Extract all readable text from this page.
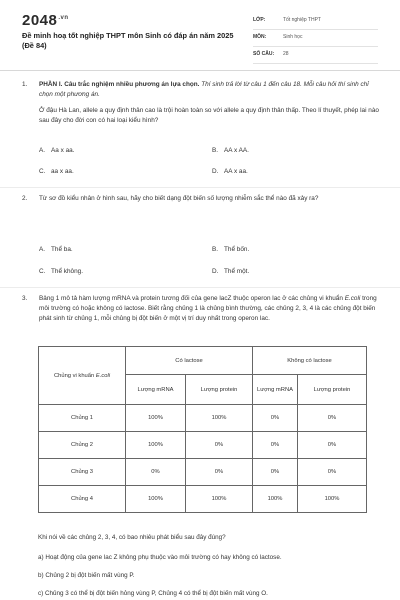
$2048^{.vn}$
Đề minh hoạ tốt nghiệp THPT môn Sinh có đáp án năm 2025 (Đề 84)
LỚP:	Tốt nghiệp THPT
MÔN:	Sinh học
SỐ CÂU: 28
1.	PHẦN I. Câu trắc nghiệm nhiều phương án lựa chọn. Thí sinh trả lời từ câu 1 đến câu 18. Mỗi câu hỏi thí sinh chỉ chọn một phương án.
Ở đậu Hà Lan, allele a quy định thân cao là trội hoàn toàn so với allele a quy định thân thấp. Theo lí thuyết, phép lai nào sau đây cho đời con có hai loại kiểu hình?
A. Aa x aa.	B. AA x AA.
C. aa x aa.	D. AA x aa.
2.	Từ sơ đồ kiểu nhân ở hình sau, hãy cho biết dạng đột biến số lượng nhiễm sắc thể nào đã xảy ra?
A. Thể ba.	B. Thể bốn.
C. Thể không.	D. Thể một.
3.	Bảng 1 mô tả hàm lượng mRNA và protein tương đối của gene lacZ thuộc operon lac ở các chủng vi khuẩn E.coli trong môi trường có hoặc không có lactose. Biết rằng chủng 1 là chủng bình thường, các chủng 2, 3, 4 là các chủng đột biến phát sinh từ chủng 1, mỗi chủng bị đột biến ở một vị trí duy nhất trong operon lac.
Chủng vi khuẩn E.coli	Có lactose		Không có lactose	
	Lượng mRNA	Lượng protein	Lượng mRNA	Lượng protein
Chủng 1	100%	100%	0%	0%
Chủng 2	100%	0%	0%	0%
Chủng 3	0%	0%	0%	0%
Chủng 4	100%	100%	100%	100%
Khi nói về các chủng 2, 3, 4, có bao nhiêu phát biểu sau đây đúng?
a) Hoạt động của gene lac Z không phụ thuộc vào môi trường có hay không có lactose.
b) Chủng 2 bị đột biến mất vùng P.
c) Chủng 3 có thể bị đột biến hỏng vùng P, Chủng 4 có thể bị đột biến mất vùng O.
